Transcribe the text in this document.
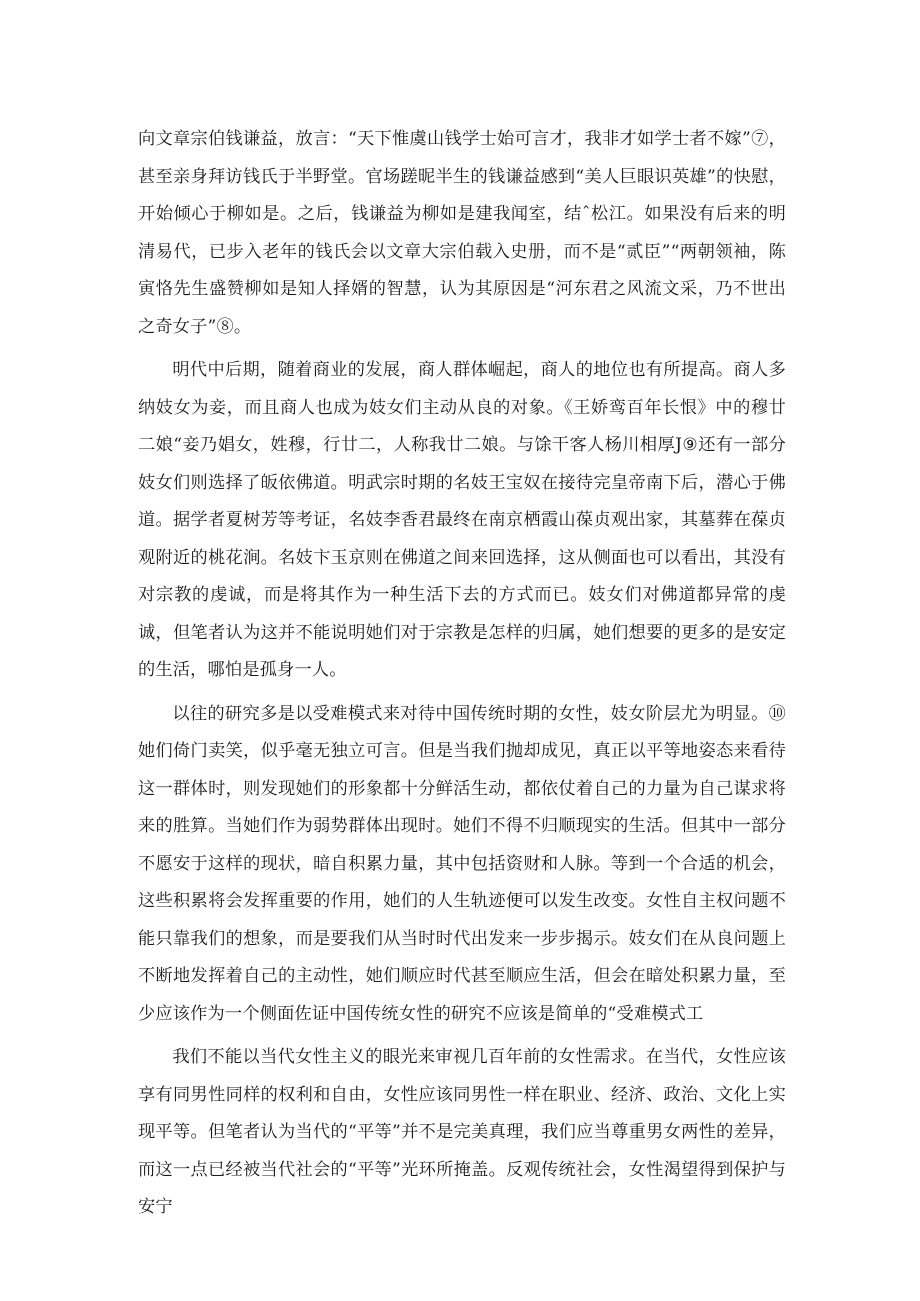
向文章宗伯钱谦益，放言：“天下惟虞山钱学士始可言才，我非才如学士者不嫁”⑦，甚至亲身拜访钱氏于半野堂。官场蹉昵半生的钱谦益感到“美人巨眼识英雄”的快慰，开始倾心于柳如是。之后，钱谦益为柳如是建我闻室，结ˆ松江。如果没有后来的明清易代，已步入老年的钱氏会以文章大宗伯载入史册，而不是“贰臣”“两朝领袖，陈寅恪先生盛赞柳如是知人择婿的智慧，认为其原因是“河东君之风流文采，乃不世出之奇女子”⑧。

明代中后期，随着商业的发展，商人群体崛起，商人的地位也有所提高。商人多纳妓女为妾，而且商人也成为妓女们主动从良的对象。《王娇鸾百年长恨》中的穆廿二娘“妾乃娼女，姓穆，行廿二，人称我廿二娘。与馀干客人杨川相厚J⑨还有一部分妓女们则选择了皈依佛道。明武宗时期的名妓王宝奴在接待完皇帝南下后，潜心于佛道。据学者夏树芳等考证，名妓李香君最终在南京栖霞山葆贞观出家，其墓葬在葆贞观附近的桃花涧。名妓卞玉京则在佛道之间来回选择，这从侧面也可以看出，其没有对宗教的虔诚，而是将其作为一种生活下去的方式而已。妓女们对佛道都异常的虔诚，但笔者认为这并不能说明她们对于宗教是怎样的归属，她们想要的更多的是安定的生活，哪怕是孤身一人。

以往的研究多是以受难模式来对待中国传统时期的女性，妓女阶层尤为明显。⑩她们倚门卖笑，似乎毫无独立可言。但是当我们抛却成见，真正以平等地姿态来看待这一群体时，则发现她们的形象都十分鲜活生动，都依仗着自己的力量为自己谋求将来的胜算。当她们作为弱势群体出现时。她们不得不归顺现实的生活。但其中一部分不愿安于这样的现状，暗自积累力量，其中包括资财和人脉。等到一个合适的机会，这些积累将会发挥重要的作用，她们的人生轨迹便可以发生改变。女性自主权问题不能只靠我们的想象，而是要我们从当时时代出发来一步步揭示。妓女们在从良问题上不断地发挥着自己的主动性，她们顺应时代甚至顺应生活，但会在暗处积累力量，至少应该作为一个侧面佐证中国传统女性的研究不应该是简单的“受难模式工

我们不能以当代女性主义的眼光来审视几百年前的女性需求。在当代，女性应该享有同男性同样的权利和自由，女性应该同男性一样在职业、经济、政治、文化上实现平等。但笔者认为当代的“平等”并不是完美真理，我们应当尊重男女两性的差异，而这一点已经被当代社会的“平等”光环所掩盖。反观传统社会，女性渴望得到保护与安宁
